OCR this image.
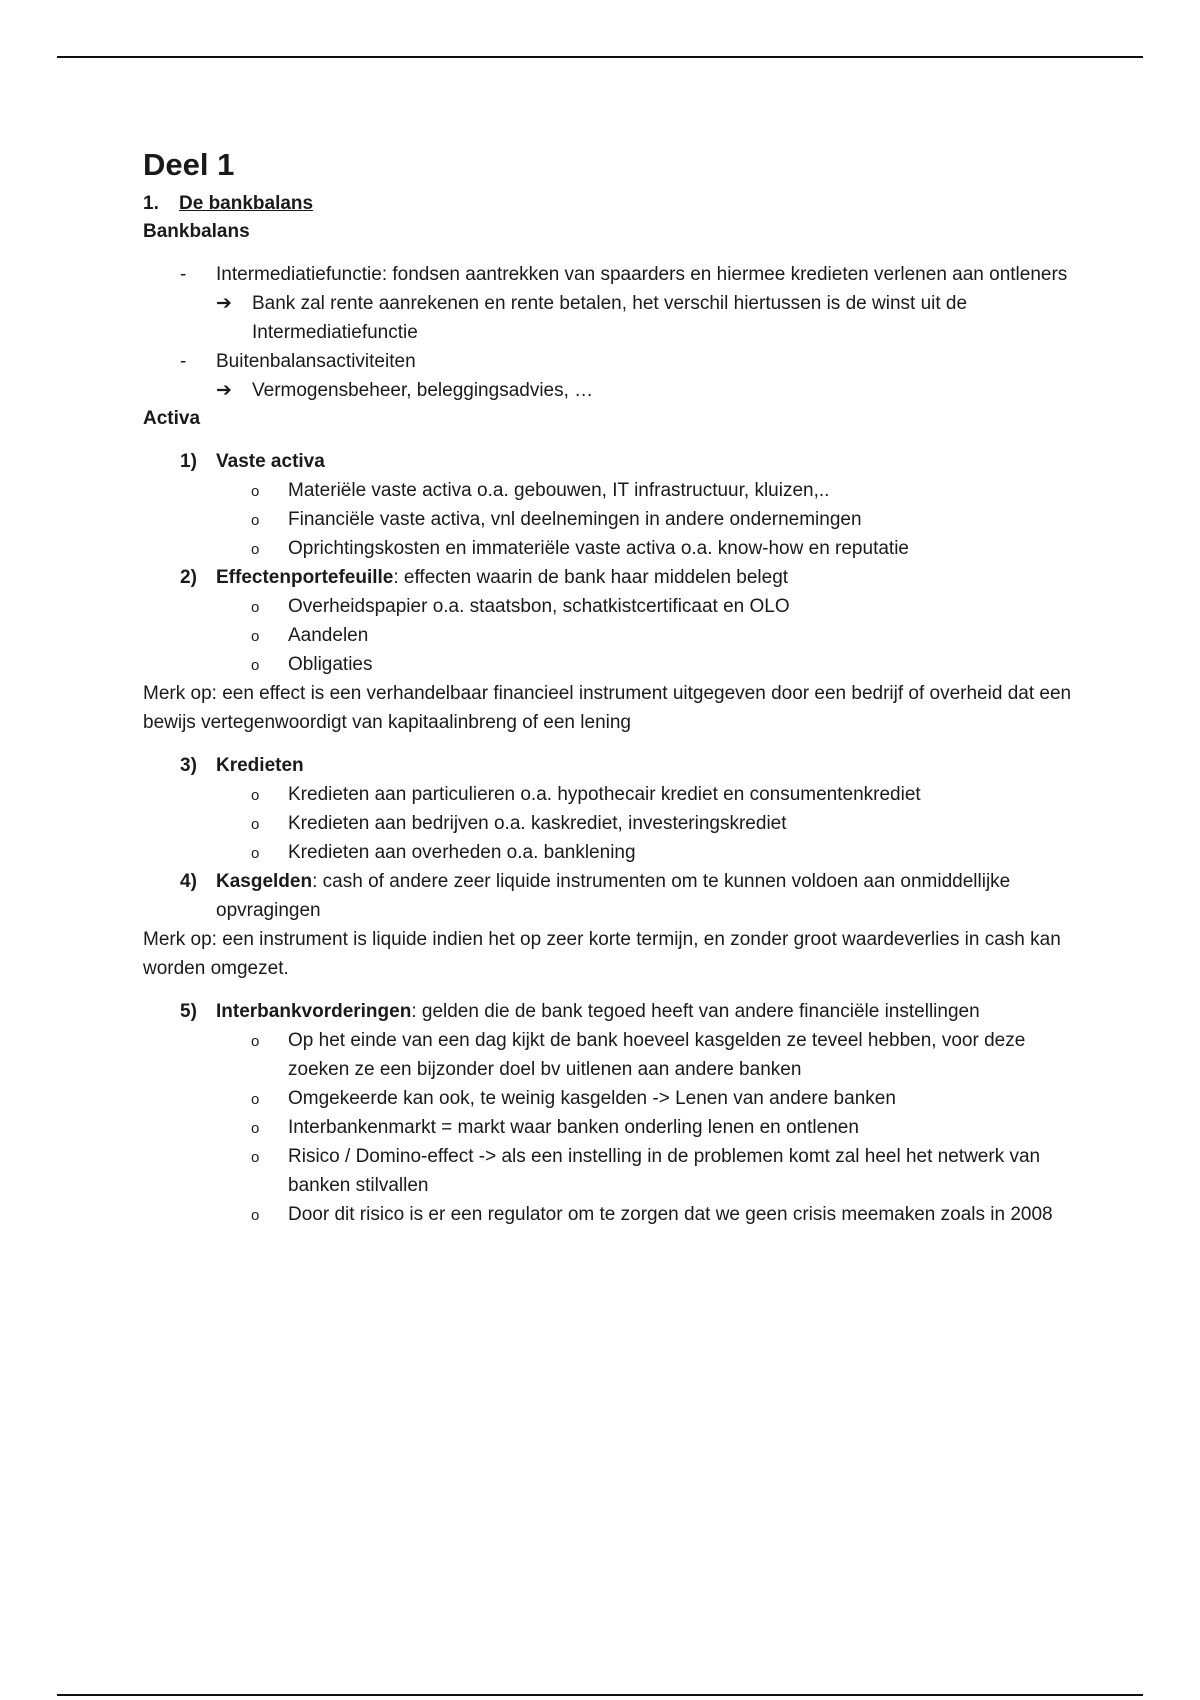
Deel 1
1. De bankbalans
Bankbalans
- Intermediatiefunctie: fondsen aantrekken van spaarders en hiermee kredieten verlenen aan ontleners
➔ Bank zal rente aanrekenen en rente betalen, het verschil hiertussen is de winst uit de Intermediatiefunctie
- Buitenbalansactiviteiten
➔ Vermogensbeheer, beleggingsadvies, …
Activa
1) Vaste activa
o Materiële vaste activa o.a. gebouwen, IT infrastructuur, kluizen,..
o Financiële vaste activa, vnl deelnemingen in andere ondernemingen
o Oprichtingskosten en immateriële vaste activa o.a. know-how en reputatie
2) Effectenportefeuille: effecten waarin de bank haar middelen belegt
o Overheidspapier o.a. staatsbon, schatkistcertificaat en OLO
o Aandelen
o Obligaties

Merk op: een effect is een verhandelbaar financieel instrument uitgegeven door een bedrijf of overheid dat een bewijs vertegenwoordigt van kapitaalinbreng of een lening

3) Kredieten
o Kredieten aan particulieren o.a. hypothecair krediet en consumentenkrediet
o Kredieten aan bedrijven o.a. kaskrediet, investeringskrediet
o Kredieten aan overheden o.a. banklening
4) Kasgelden: cash of andere zeer liquide instrumenten om te kunnen voldoen aan onmiddellijke opvragingen

Merk op: een instrument is liquide indien het op zeer korte termijn, en zonder groot waardeverlies in cash kan worden omgezet.

5) Interbankvorderingen: gelden die de bank tegoed heeft van andere financiële instellingen
o Op het einde van een dag kijkt de bank hoeveel kasgelden ze teveel hebben, voor deze zoeken ze een bijzonder doel bv uitlenen aan andere banken
o Omgekeerde kan ook, te weinig kasgelden -> Lenen van andere banken
o Interbankenmarkt = markt waar banken onderling lenen en ontlenen
o Risico / Domino-effect -> als een instelling in de problemen komt zal heel het netwerk van banken stilvallen
o Door dit risico is er een regulator om te zorgen dat we geen crisis meemaken zoals in 2008
